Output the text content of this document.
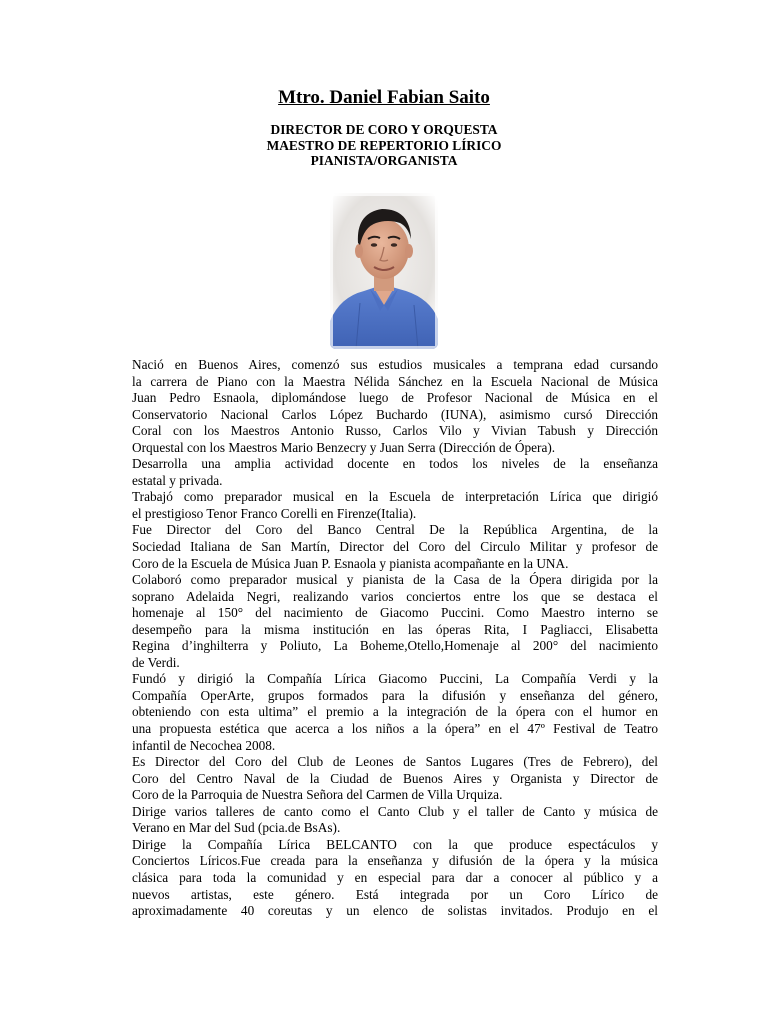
Mtro. Daniel Fabian Saito
DIRECTOR DE CORO Y ORQUESTA
MAESTRO DE REPERTORIO LÍRICO
PIANISTA/ORGANISTA

Nació en Buenos Aires, comenzó sus estudios musicales a temprana edad cursando

la carrera de Piano con la Maestra Nélida Sánchez en la Escuela Nacional de Música

Juan Pedro Esnaola, diplomándose luego de Profesor Nacional de Música en el

Conservatorio Nacional Carlos López Buchardo (IUNA), asimismo cursó Dirección

Coral con los Maestros Antonio Russo, Carlos Vilo y Vivian Tabush y Dirección

Orquestal con los Maestros Mario Benzecry y Juan Serra (Dirección de Ópera).

Desarrolla una amplia actividad docente en todos los niveles de la enseñanza

estatal y privada.

Trabajó como preparador musical en la Escuela de interpretación Lírica que dirigió

el prestigioso Tenor Franco Corelli en Firenze(Italia).

Fue Director del Coro del Banco Central De la República Argentina, de la

Sociedad Italiana de San Martín, Director del Coro del Circulo Militar y profesor de

Coro de la Escuela de Música Juan P. Esnaola y pianista acompañante en la UNA.

Colaboró como preparador musical y pianista de la Casa de la Ópera dirigida por la

soprano Adelaida Negri, realizando varios conciertos entre los que se destaca el

homenaje al 150° del nacimiento de Giacomo Puccini. Como Maestro interno se

desempeño para la misma institución en las óperas Rita, I Pagliacci, Elisabetta

Regina d’inghilterra y Poliuto, La Boheme,Otello,Homenaje al 200° del nacimiento

de Verdi.

Fundó y dirigió la Compañía Lírica Giacomo Puccini, La Compañía Verdi y la

Compañía OperArte, grupos formados para la difusión y enseñanza del género,

obteniendo con esta ultima” el premio a la integración de la ópera con el humor en

una propuesta estética que acerca a los niños a la ópera” en el 47º Festival de Teatro

infantil de Necochea 2008.

Es Director del Coro del Club de Leones de Santos Lugares (Tres de Febrero), del

Coro del Centro Naval de la Ciudad de Buenos Aires y Organista y Director de

Coro de la Parroquia de Nuestra Señora del Carmen de Villa Urquiza.

Dirige varios talleres de canto como el Canto Club y el taller de Canto y música de

Verano en Mar del Sud (pcia.de BsAs).

Dirige la Compañía Lírica BELCANTO con la que produce espectáculos y

Conciertos Líricos.Fue creada para la enseñanza y difusión de la ópera y la música

clásica para toda la comunidad y en especial para dar a conocer al público y a

nuevos artistas, este género. Está integrada por un Coro Lírico de

aproximadamente 40 coreutas y un elenco de solistas invitados. Produjo en el
